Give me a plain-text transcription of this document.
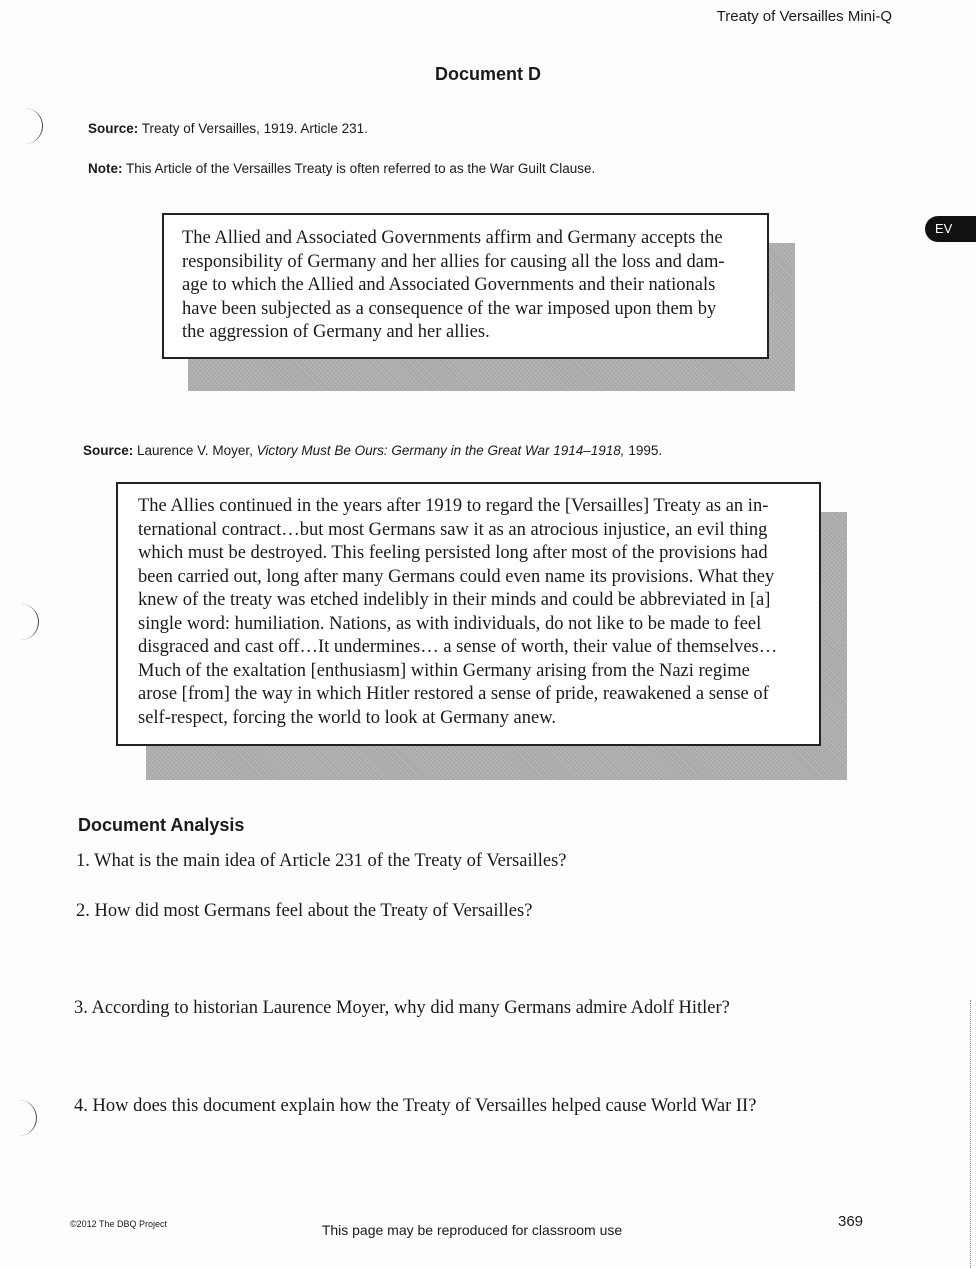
Treaty of Versailles Mini-Q
Document D
EV
Source: Treaty of Versailles, 1919. Article 231.
Note: This Article of the Versailles Treaty is often referred to as the War Guilt Clause.
The Allied and Associated Governments affirm and Germany accepts the
responsibility of Germany and her allies for causing all the loss and dam-
age to which the Allied and Associated Governments and their nationals
have been subjected as a consequence of the war imposed upon them by
the aggression of Germany and her allies.
Source: Laurence V. Moyer, Victory Must Be Ours: Germany in the Great War 1914–1918, 1995.
The Allies continued in the years after 1919 to regard the [Versailles] Treaty as an in-
ternational contract…but most Germans saw it as an atrocious injustice, an evil thing
which must be destroyed. This feeling persisted long after most of the provisions had
been carried out, long after many Germans could even name its provisions. What they
knew of the treaty was etched indelibly in their minds and could be abbreviated in [a]
single word: humiliation. Nations, as with individuals, do not like to be made to feel
disgraced and cast off…It undermines… a sense of worth, their value of themselves…
Much of the exaltation [enthusiasm] within Germany arising from the Nazi regime
arose [from] the way in which Hitler restored a sense of pride, reawakened a sense of
self-respect, forcing the world to look at Germany anew.
Document Analysis
1. What is the main idea of Article 231 of the Treaty of Versailles?
2. How did most Germans feel about the Treaty of Versailles?
3. According to historian Laurence Moyer, why did many Germans admire Adolf Hitler?
4. How does this document explain how the Treaty of Versailles helped cause World War II?
©2012 The DBQ Project	This page may be reproduced for classroom use	369
